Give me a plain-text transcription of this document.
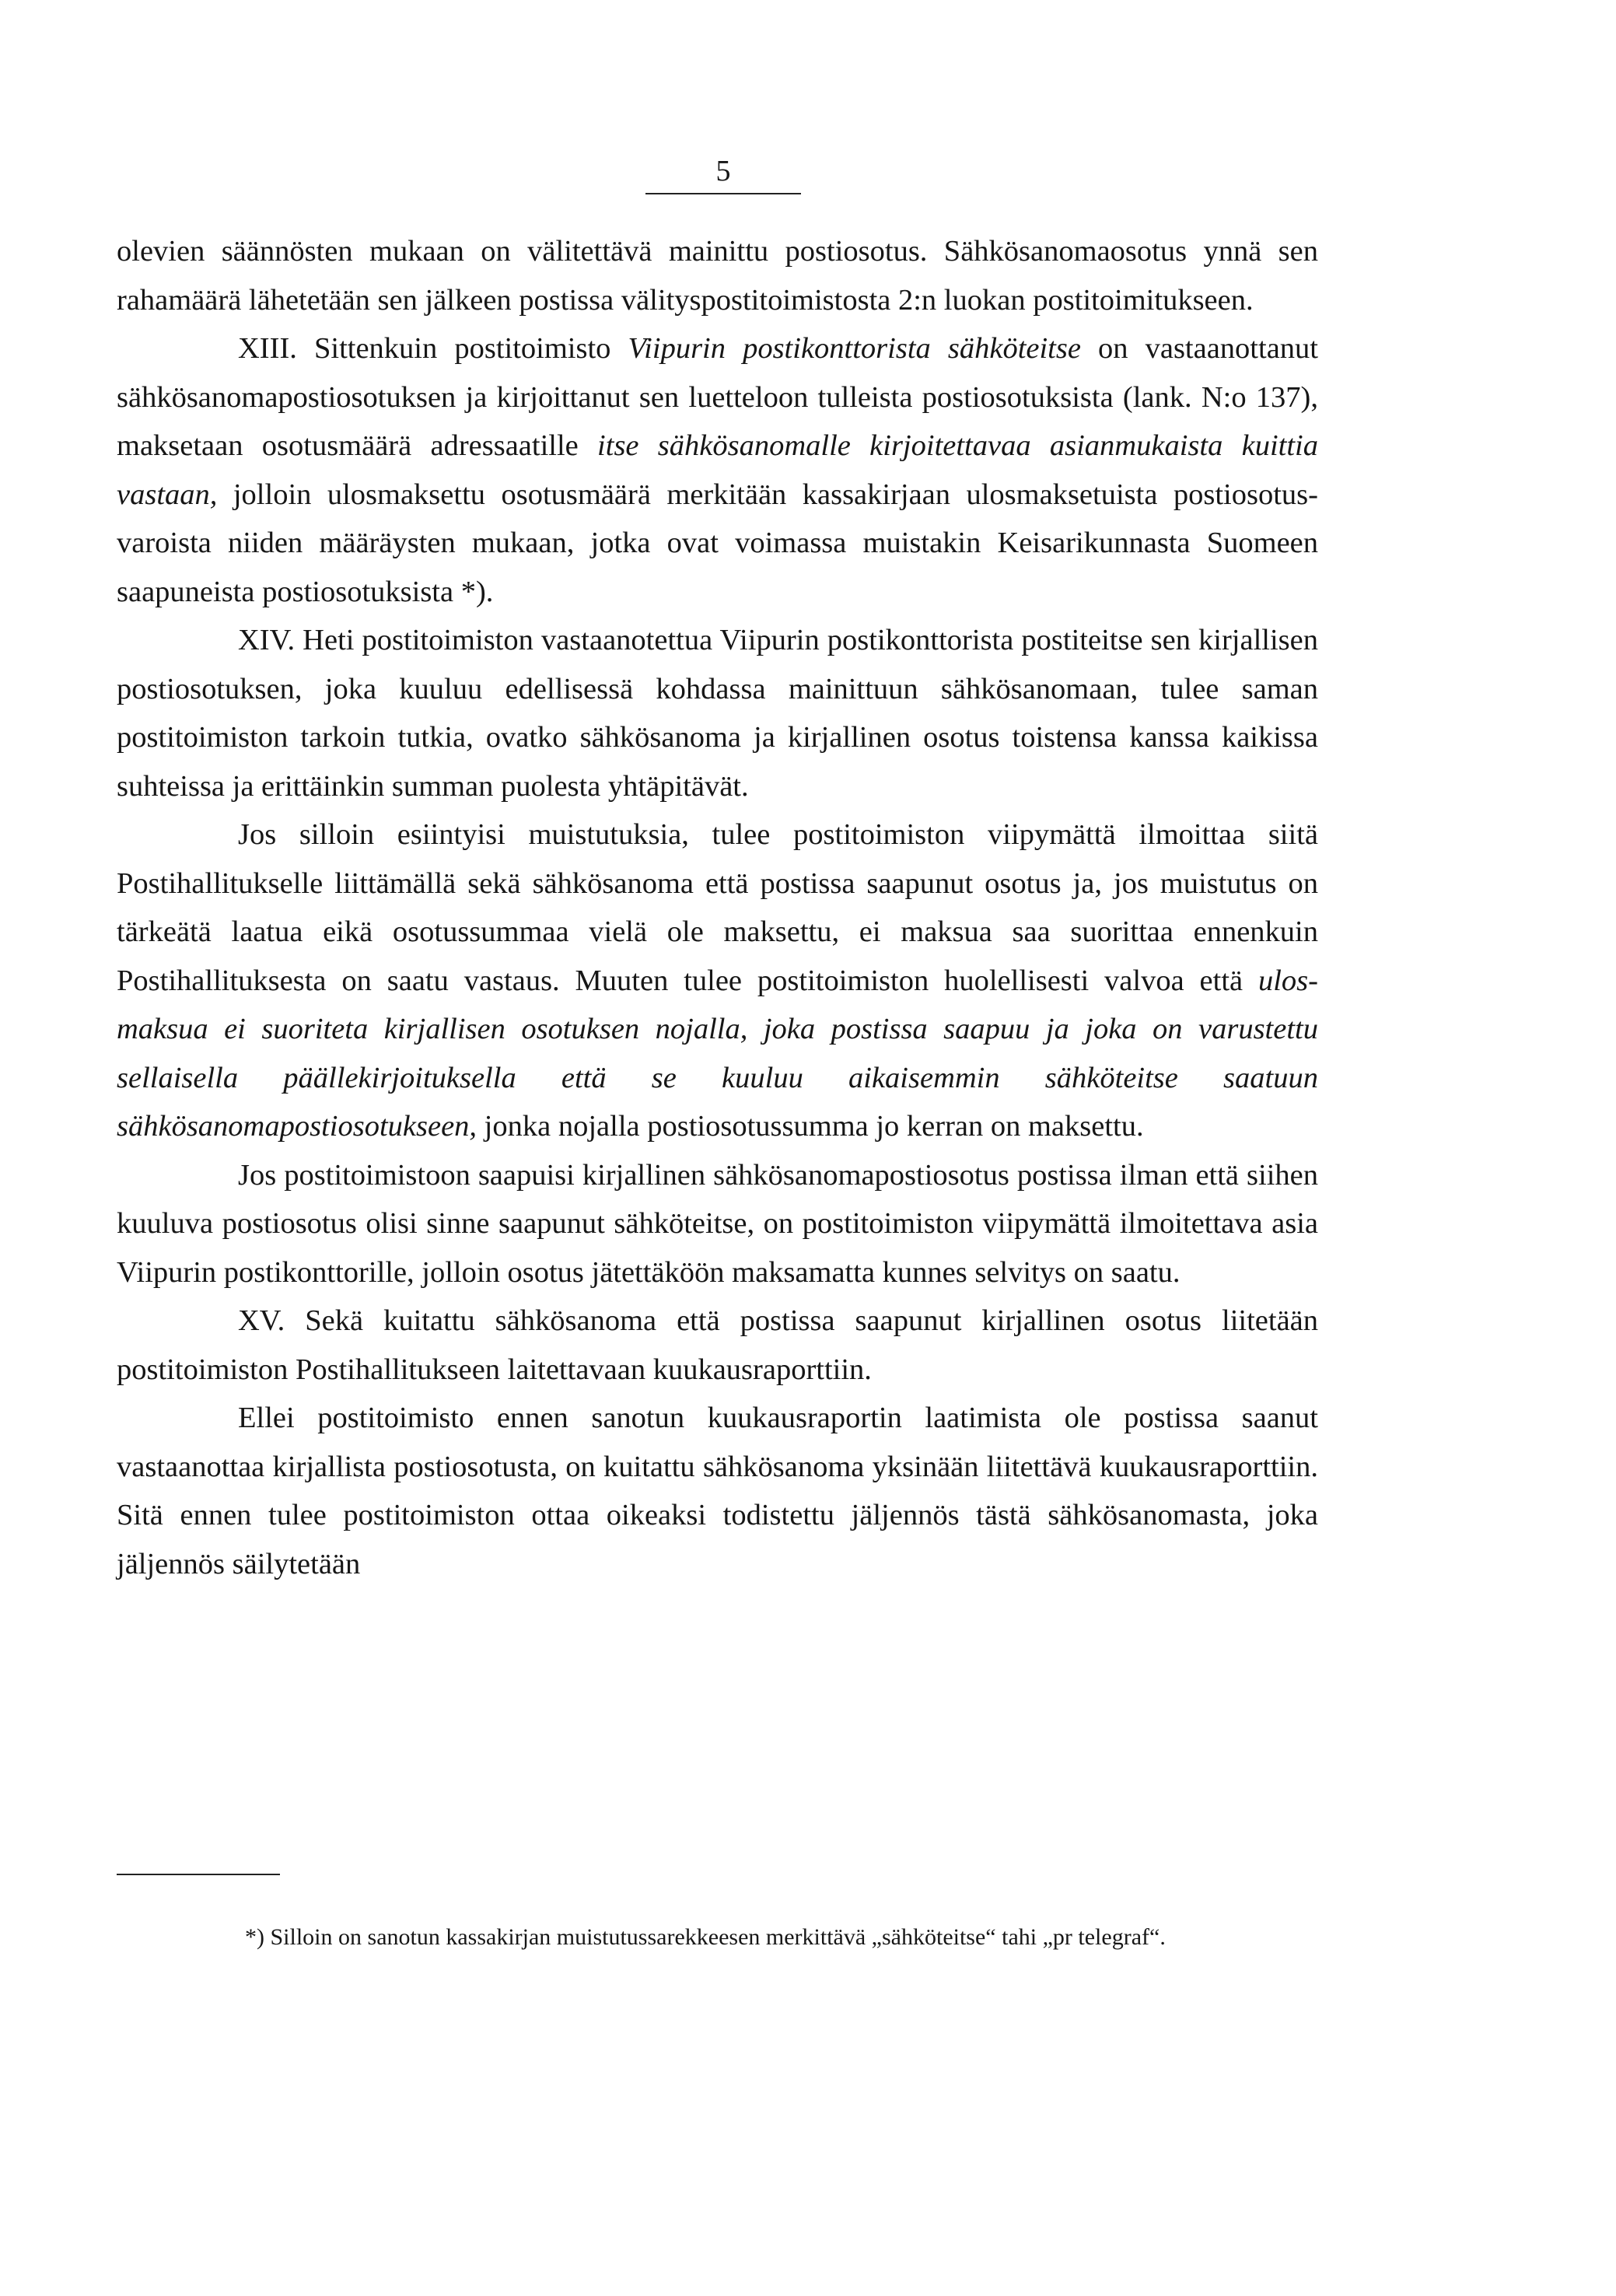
5

olevien säännösten mukaan on välitettävä mainittu postiosotus. Sähkösanomaosotus ynnä sen rahamäärä lähetetään sen jälkeen postissa välityspostitoimistosta 2:n luokan postitoimitukseen.

XIII. Sittenkuin postitoimisto Viipurin postikonttorista sähköteitse on vastaanottanut sähkösanomapostiosotuksen ja kirjoittanut sen luetteloon tulleista postiosotuksista (lank. N:o 137), maksetaan osotusmäärä adressaatille itse sähkösanomalle kirjoitettavaa asianmukaista kuittia vastaan, jolloin ulosmaksettu osotusmäärä merkitään kassakirjaan ulosmaksetuista postiosotusvaroista niiden määräysten mukaan, jotka ovat voimassa muistakin Keisarikunnasta Suomeen saapuneista postiosotuksista *).

XIV. Heti postitoimiston vastaanotettua Viipurin postikonttorista postiteitse sen kirjallisen postiosotuksen, joka kuuluu edellisessä kohdassa mainittuun sähkösanomaan, tulee saman postitoimiston tarkoin tutkia, ovatko sähkösanoma ja kirjallinen osotus toistensa kanssa kaikissa suhteissa ja erittäinkin summan puolesta yhtäpitävät.

Jos silloin esiintyisi muistutuksia, tulee postitoimiston viipymättä ilmoittaa siitä Postihallitukselle liittämällä sekä sähkösanoma että postissa saapunut osotus ja, jos muistutus on tärkeätä laatua eikä osotussummaa vielä ole maksettu, ei maksua saa suorittaa ennenkuin Postihallituksesta on saatu vastaus. Muuten tulee postitoimiston huolellisesti valvoa että ulosmaksua ei suoriteta kirjallisen osotuksen nojalla, joka postissa saapuu ja joka on varustettu sellaisella päällekirjoituksella että se kuuluu aikaisemmin sähköteitse saatuun sähkösanomapostiosotukseen, jonka nojalla postiosotussumma jo kerran on maksettu.

Jos postitoimistoon saapuisi kirjallinen sähkösanomapostiosotus postissa ilman että siihen kuuluva postiosotus olisi sinne saapunut sähköteitse, on postitoimiston viipymättä ilmoitettava asia Viipurin postikonttorille, jolloin osotus jätettäköön maksamatta kunnes selvitys on saatu.

XV. Sekä kuitattu sähkösanoma että postissa saapunut kirjallinen osotus liitetään postitoimiston Postihallitukseen laitettavaan kuukausraporttiin.

Ellei postitoimisto ennen sanotun kuukausraportin laatimista ole postissa saanut vastaanottaa kirjallista postiosotusta, on kuitattu sähkösanoma yksinään liitettävä kuukausraporttiin. Sitä ennen tulee postitoimiston ottaa oikeaksi todistettu jäljennös tästä sähkösanomasta, joka jäljennös säilytetään

*) Silloin on sanotun kassakirjan muistutussarekkeesen merkittävä „sähköteitse“ tahi „pr telegraf“.
